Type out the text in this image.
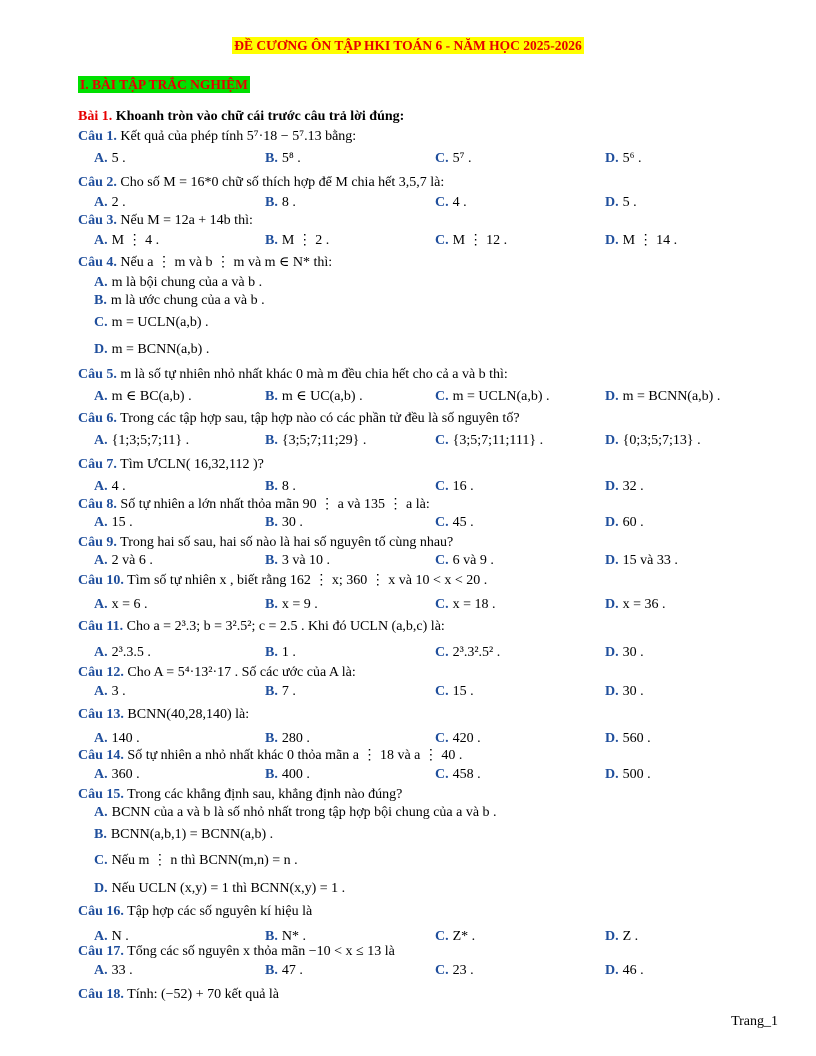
ĐỀ CƯƠNG ÔN TẬP HKI TOÁN 6 - NĂM HỌC 2025-2026
I. BÀI TẬP TRẮC NGHIỆM
Bài 1. Khoanh tròn vào chữ cái trước câu trả lời đúng:
Câu 1. Kết quả của phép tính 5⁷·18 − 5⁷.13 bằng:
A. 5 .	B. 5⁸ .	C. 5⁷ .	D. 5⁶ .
Câu 2. Cho số M = 16*0 chữ số thích hợp để M chia hết 3,5,7 là:
A. 2 .	B. 8 .	C. 4 .	D. 5 .
Câu 3. Nếu M = 12a + 14b thì:
A. M ⋮ 4 .	B. M ⋮ 2 .	C. M ⋮ 12 .	D. M ⋮ 14 .
Câu 4. Nếu a ⋮ m và b ⋮ m và m ∈ N* thì:
A. m là bội chung của a và b .
B. m là ước chung của a và b .
C. m = UCLN(a,b) .
D. m = BCNN(a,b) .
Câu 5. m là số tự nhiên nhỏ nhất khác 0 mà m đều chia hết cho cả a và b thì:
A. m ∈ BC(a,b) .	B. m ∈ UC(a,b) .	C. m = UCLN(a,b) .	D. m = BCNN(a,b) .
Câu 6. Trong các tập hợp sau, tập hợp nào có các phần tử đều là số nguyên tố?
A. {1;3;5;7;11} .	B. {3;5;7;11;29} .	C. {3;5;7;11;111} .	D. {0;3;5;7;13} .
Câu 7. Tìm ƯCLN( 16,32,112 )?
A. 4 .	B. 8 .	C. 16 .	D. 32 .
Câu 8. Số tự nhiên a lớn nhất thỏa mãn 90 ⋮ a và 135 ⋮ a là:
A. 15 .	B. 30 .	C. 45 .	D. 60 .
Câu 9. Trong hai số sau, hai số nào là hai số nguyên tố cùng nhau?
A. 2 và 6 .	B. 3 và 10 .	C. 6 và 9 .	D. 15 và 33 .
Câu 10. Tìm số tự nhiên x , biết rằng 162 ⋮ x; 360 ⋮ x và 10 < x < 20 .
A. x = 6 .	B. x = 9 .	C. x = 18 .	D. x = 36 .
Câu 11. Cho a = 2³.3; b = 3².5²; c = 2.5 . Khi đó UCLN (a,b,c) là:
A. 2³.3.5 .	B. 1 .	C. 2³.3².5² .	D. 30 .
Câu 12. Cho A = 5⁴·13²·17 . Số các ước của A là:
A. 3 .	B. 7 .	C. 15 .	D. 30 .
Câu 13. BCNN(40,28,140) là:
A. 140 .	B. 280 .	C. 420 .	D. 560 .
Câu 14. Số tự nhiên a nhỏ nhất khác 0 thỏa mãn a ⋮ 18 và a ⋮ 40 .
A. 360 .	B. 400 .	C. 458 .	D. 500 .
Câu 15. Trong các khẳng định sau, khẳng định nào đúng?
A. BCNN của a và b là số nhỏ nhất trong tập hợp bội chung của a và b .
B. BCNN(a,b,1) = BCNN(a,b) .
C. Nếu m ⋮ n thì BCNN(m,n) = n .
D. Nếu UCLN (x,y) = 1 thì BCNN(x,y) = 1 .
Câu 16. Tập hợp các số nguyên kí hiệu là
A. N .	B. N* .	C. Z* .	D. Z .
Câu 17. Tổng các số nguyên x thỏa mãn −10 < x ≤ 13 là
A. 33 .	B. 47 .	C. 23 .	D. 46 .
Câu 18. Tính: (−52) + 70 kết quả là
Trang_1
